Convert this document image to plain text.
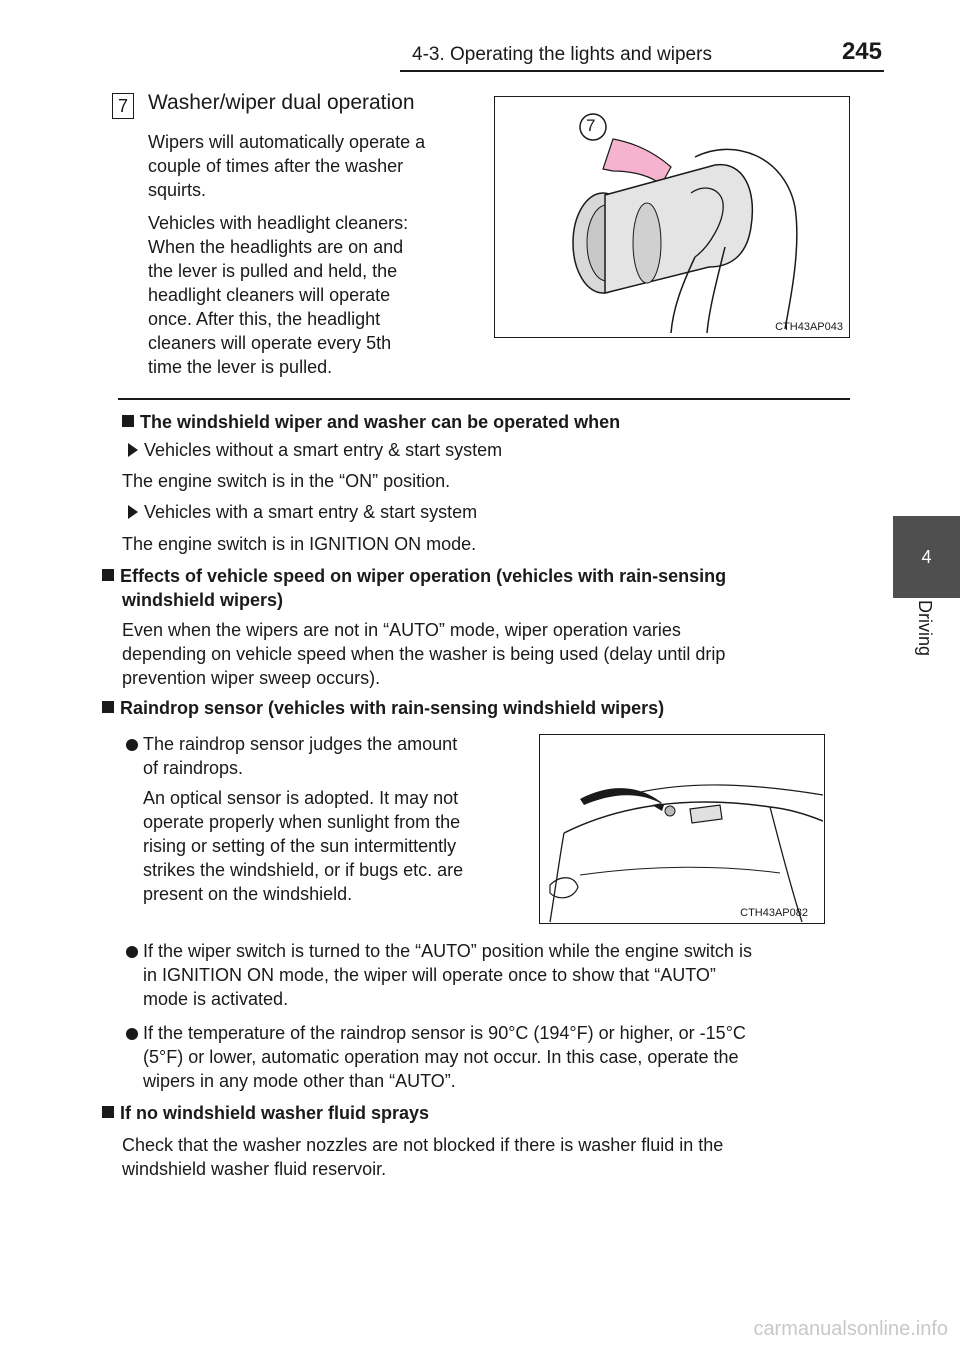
4-3. Operating the lights and wipers	245
4
Driving
7 Washer/wiper dual operation
Wipers will automatically operate a
couple of times after the washer
squirts.
Vehicles with headlight cleaners:
When the headlights are on and
the lever is pulled and held, the
headlight cleaners will operate
once. After this, the headlight
cleaners will operate every 5th
time the lever is pulled.
7
CTH43AP043
The windshield wiper and washer can be operated when
Vehicles without a smart entry & start system
The engine switch is in the “ON” position.
Vehicles with a smart entry & start system
The engine switch is in IGNITION ON mode.
Effects of vehicle speed on wiper operation (vehicles with rain-sensing
windshield wipers)
Even when the wipers are not in “AUTO” mode, wiper operation varies
depending on vehicle speed when the washer is being used (delay until drip
prevention wiper sweep occurs).
Raindrop sensor (vehicles with rain-sensing windshield wipers)
The raindrop sensor judges the amount
of raindrops.
An optical sensor is adopted. It may not
operate properly when sunlight from the
rising or setting of the sun intermittently
strikes the windshield, or if bugs etc. are
present on the windshield.
CTH43AP082
If the wiper switch is turned to the “AUTO” position while the engine switch is
in IGNITION ON mode, the wiper will operate once to show that “AUTO”
mode is activated.
If the temperature of the raindrop sensor is 90°C (194°F) or higher, or -15°C
(5°F) or lower, automatic operation may not occur. In this case, operate the
wipers in any mode other than “AUTO”.
If no windshield washer fluid sprays
Check that the washer nozzles are not blocked if there is washer fluid in the
windshield washer fluid reservoir.
carmanualsonline.info
